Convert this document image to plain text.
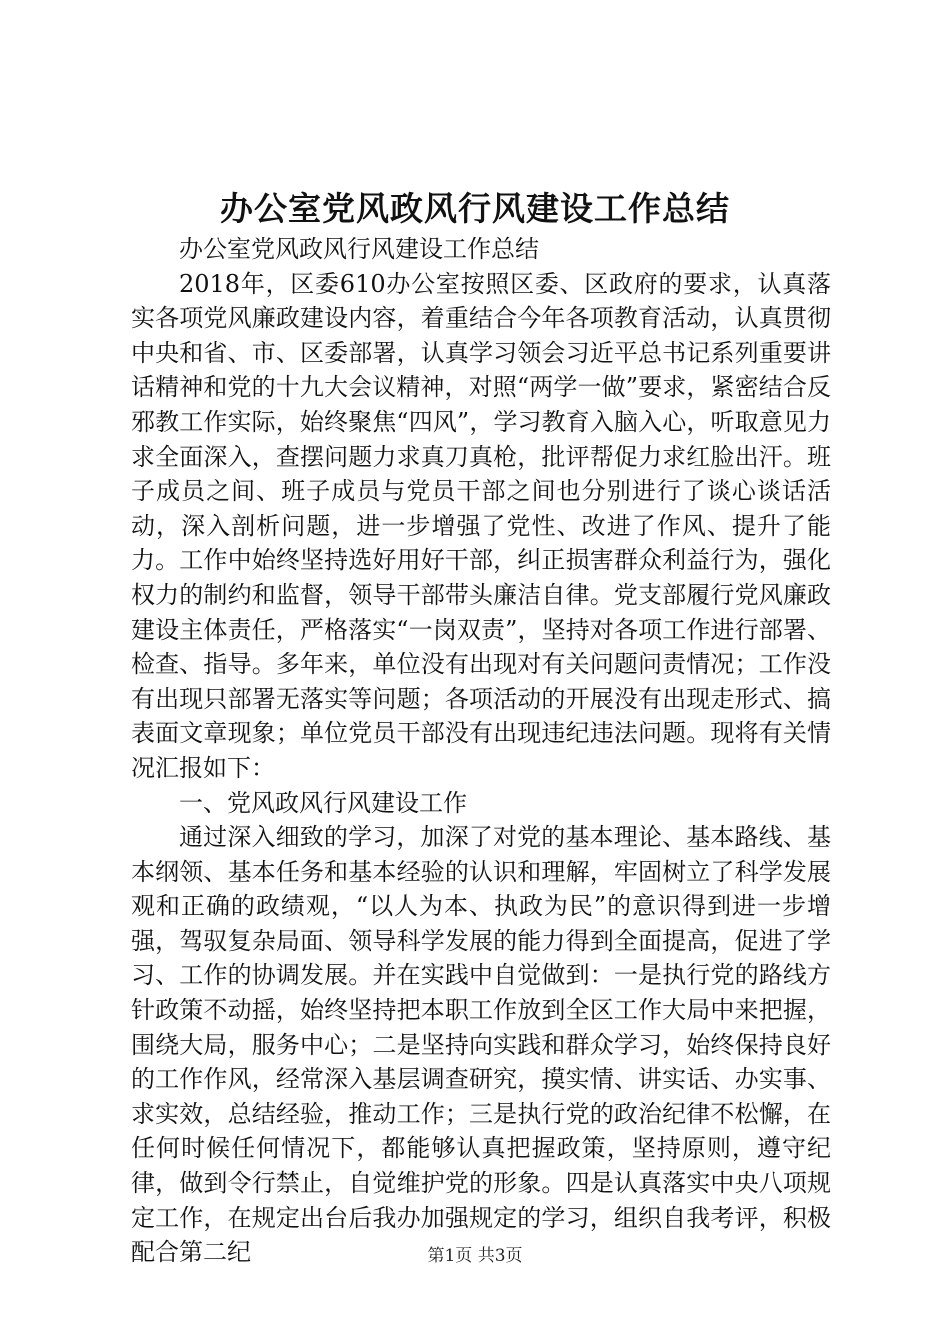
办公室党风政风行风建设工作总结

办公室党风政风行风建设工作总结

2018年，区委610办公室按照区委、区政府的要求，认真落实各项党风廉政建设内容，着重结合今年各项教育活动，认真贯彻中央和省、市、区委部署，认真学习领会习近平总书记系列重要讲话精神和党的十九大会议精神，对照“两学一做”要求，紧密结合反邪教工作实际，始终聚焦“四风”，学习教育入脑入心，听取意见力求全面深入，查摆问题力求真刀真枪，批评帮促力求红脸出汗。班子成员之间、班子成员与党员干部之间也分别进行了谈心谈话活动，深入剖析问题，进一步增强了党性、改进了作风、提升了能力。工作中始终坚持选好用好干部，纠正损害群众利益行为，强化权力的制约和监督，领导干部带头廉洁自律。党支部履行党风廉政建设主体责任，严格落实“一岗双责”，坚持对各项工作进行部署、检查、指导。多年来，单位没有出现对有关问题问责情况；工作没有出现只部署无落实等问题；各项活动的开展没有出现走形式、搞表面文章现象；单位党员干部没有出现违纪违法问题。现将有关情况汇报如下：

一、党风政风行风建设工作

通过深入细致的学习，加深了对党的基本理论、基本路线、基本纲领、基本任务和基本经验的认识和理解，牢固树立了科学发展观和正确的政绩观，“以人为本、执政为民”的意识得到进一步增强，驾驭复杂局面、领导科学发展的能力得到全面提高，促进了学习、工作的协调发展。并在实践中自觉做到：一是执行党的路线方针政策不动摇，始终坚持把本职工作放到全区工作大局中来把握，围绕大局，服务中心；二是坚持向实践和群众学习，始终保持良好的工作作风，经常深入基层调查研究，摸实情、讲实话、办实事、求实效，总结经验，推动工作；三是执行党的政治纪律不松懈，在任何时候任何情况下，都能够认真把握政策，坚持原则，遵守纪律，做到令行禁止，自觉维护党的形象。四是认真落实中央八项规定工作，在规定出台后我办加强规定的学习，组织自我考评，积极配合第二纪	第1页 共3页
